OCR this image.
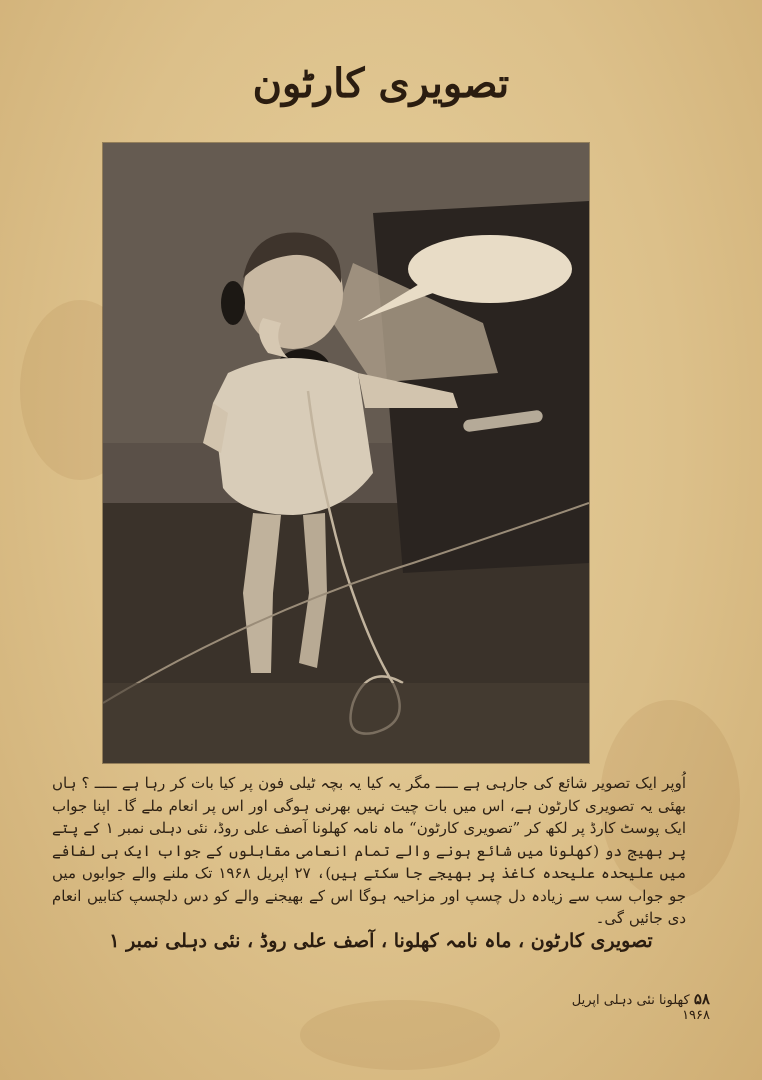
تصویری کارٹون
اُوپر ایک تصویر شائع کی جارہی ہے ـــــ مگر یہ کیا یہ بچہ ٹیلی فون پر کیا بات کر رہا ہے ـــــ ؟ ہاں بھئی یہ تصویری کارٹون ہے، اس میں بات چیت نہیں بھرنی ہوگی اور اس پر انعام ملے گا۔ اپنا جواب ایک پوسٹ کارڈ پر لکھ کر ”تصویری کارٹون“ ماہ نامہ کھلونا آصف علی روڈ، نئی دہلی نمبر ۱ کے پتے پر بھیج دو (کھلونا میں شائع ہونے والے تمام انعامی مقابلوں کے جواب ایک ہی لفافے میں علیحدہ علیحدہ کاغذ پر بھیجے جا سکتے ہیں)، ۲۷ اپریل ۱۹۶۸ تک ملنے والے جوابوں میں جو جواب سب سے زیادہ دل چسپ اور مزاحیہ ہوگا اس کے بھیجنے والے کو دس دلچسپ کتابیں انعام دی جائیں گی۔
تصویری کارٹون ، ماہ نامہ کھلونا ، آصف علی روڈ ، نئی دہلی نمبر ۱
۵۸ کھلونا نئی دہلی اپریل ۱۹۶۸
